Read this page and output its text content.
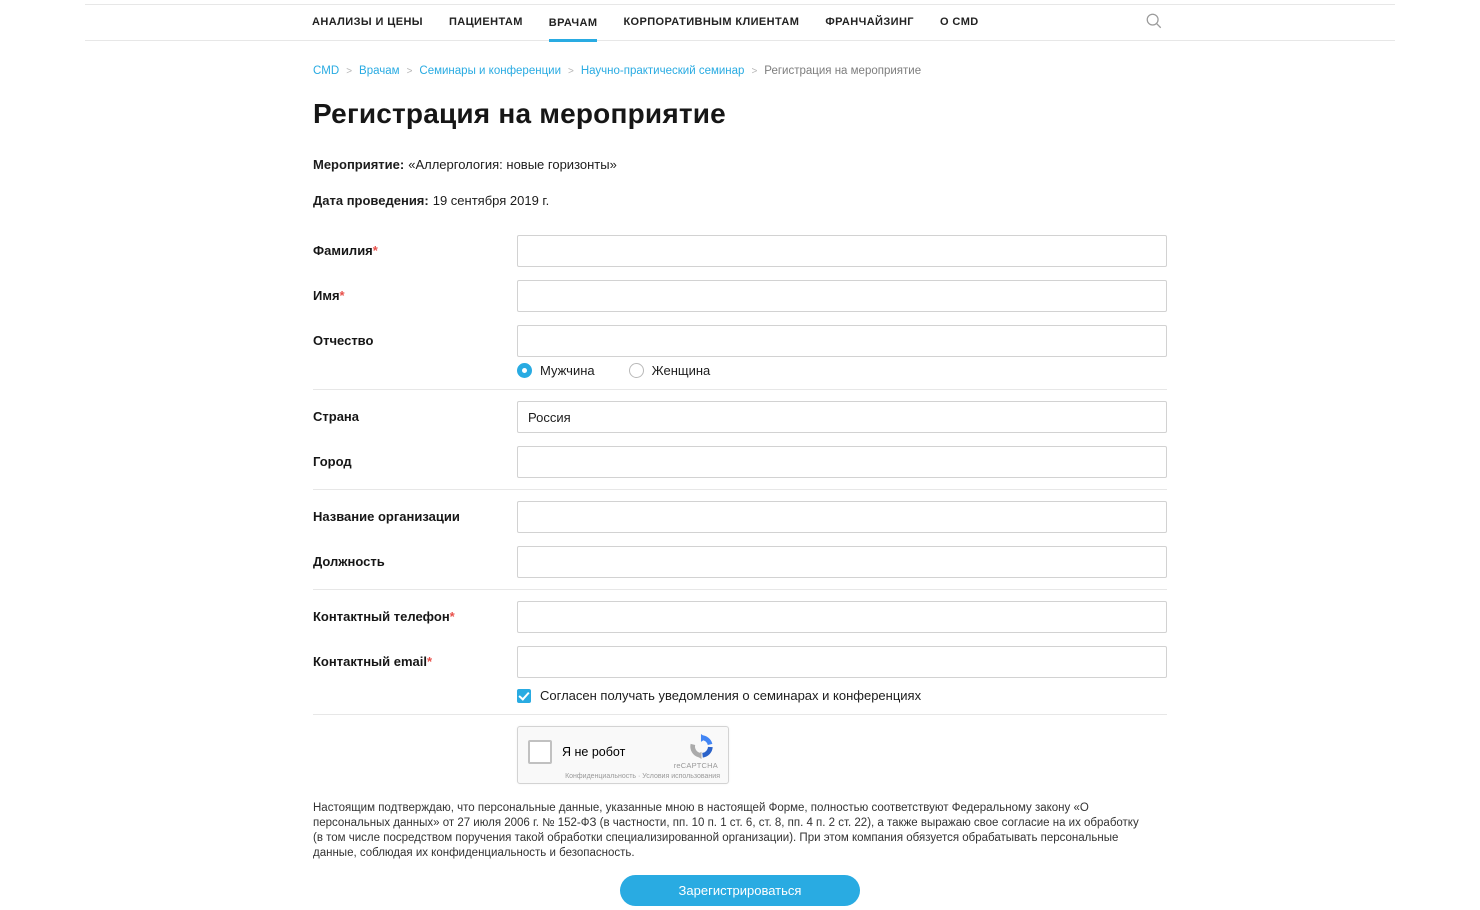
АНАЛИЗЫ И ЦЕНЫ ПАЦИЕНТАМ ВРАЧАМ КОРПОРАТИВНЫМ КЛИЕНТАМ ФРАНЧАЙЗИНГ О CMD
CMD > Врачам > Семинары и конференции > Научно-практический семинар > Регистрация на мероприятие
Регистрация на мероприятие
Мероприятие: «Аллергология: новые горизонты»
Дата проведения: 19 сентября 2019 г.
Фамилия*
Имя*
Отчество
Мужчина	Женщина
Страна
Россия
Город
Название организации
Должность
Контактный телефон*
Контактный email*
Согласен получать уведомления о семинарах и конференциях
Я не робот
reCAPTCHA
Конфиденциальность · Условия использования

Настоящим подтверждаю, что персональные данные, указанные мною в настоящей Форме, полностью соответствуют Федеральному закону «О персональных данных» от 27 июля 2006 г. № 152-ФЗ (в частности, пп. 10 п. 1 ст. 6, ст. 8, пп. 4 п. 2 ст. 22), а также выражаю свое согласие на их обработку (в том числе посредством поручения такой обработки специализированной организации). При этом компания обязуется обрабатывать персональные данные, соблюдая их конфиденциальность и безопасность.

Зарегистрироваться
